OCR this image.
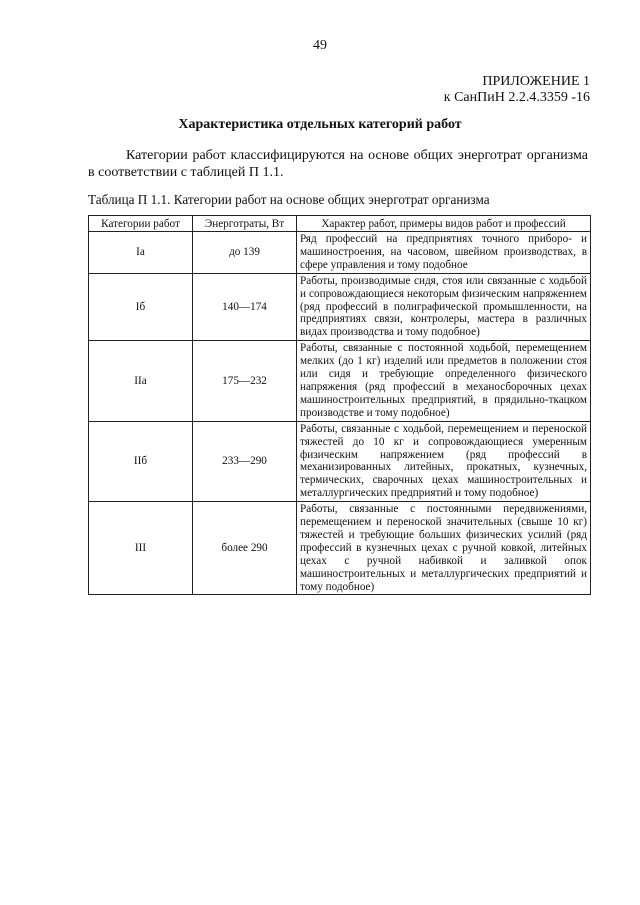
49
ПРИЛОЖЕНИЕ 1
к СанПиН 2.2.4.3359 -16
Характеристика отдельных категорий работ

Категории работ классифицируются на основе общих энерготрат организма в соответствии с таблицей П 1.1.

Таблица П 1.1. Категории работ на основе общих энерготрат организма
Категории работ	Энерготраты, Вт	Характер работ, примеры видов работ и профессий
Ia	до 139	Ряд профессий на предприятиях точного приборо- и машиностроения, на часовом, швейном производствах, в сфере управления и тому подобное
Iб	140—174	Работы, производимые сидя, стоя или связанные с ходьбой и сопровождающиеся некоторым физическим напряжением (ряд профессий в полиграфической промышленности, на предприятиях связи, контролеры, мастера в различных видах производства и тому подобное)
IIa	175—232	Работы, связанные с постоянной ходьбой, перемещением мелких (до 1 кг) изделий или предметов в положении стоя или сидя и требующие определенного физического напряжения (ряд профессий в механосборочных цехах машиностроительных предприятий, в прядильно-ткацком производстве и тому подобное)
IIб	233—290	Работы, связанные с ходьбой, перемещением и переноской тяжестей до 10 кг и сопровождающиеся умеренным физическим напряжением (ряд профессий в механизированных литейных, прокатных, кузнечных, термических, сварочных цехах машиностроительных и металлургических предприятий и тому подобное)
III	более 290	Работы, связанные с постоянными передвижениями, перемещением и переноской значительных (свыше 10 кг) тяжестей и требующие больших физических усилий (ряд профессий в кузнечных цехах с ручной ковкой, литейных цехах с ручной набивкой и заливкой опок машиностроительных и металлургических предприятий и тому подобное)
